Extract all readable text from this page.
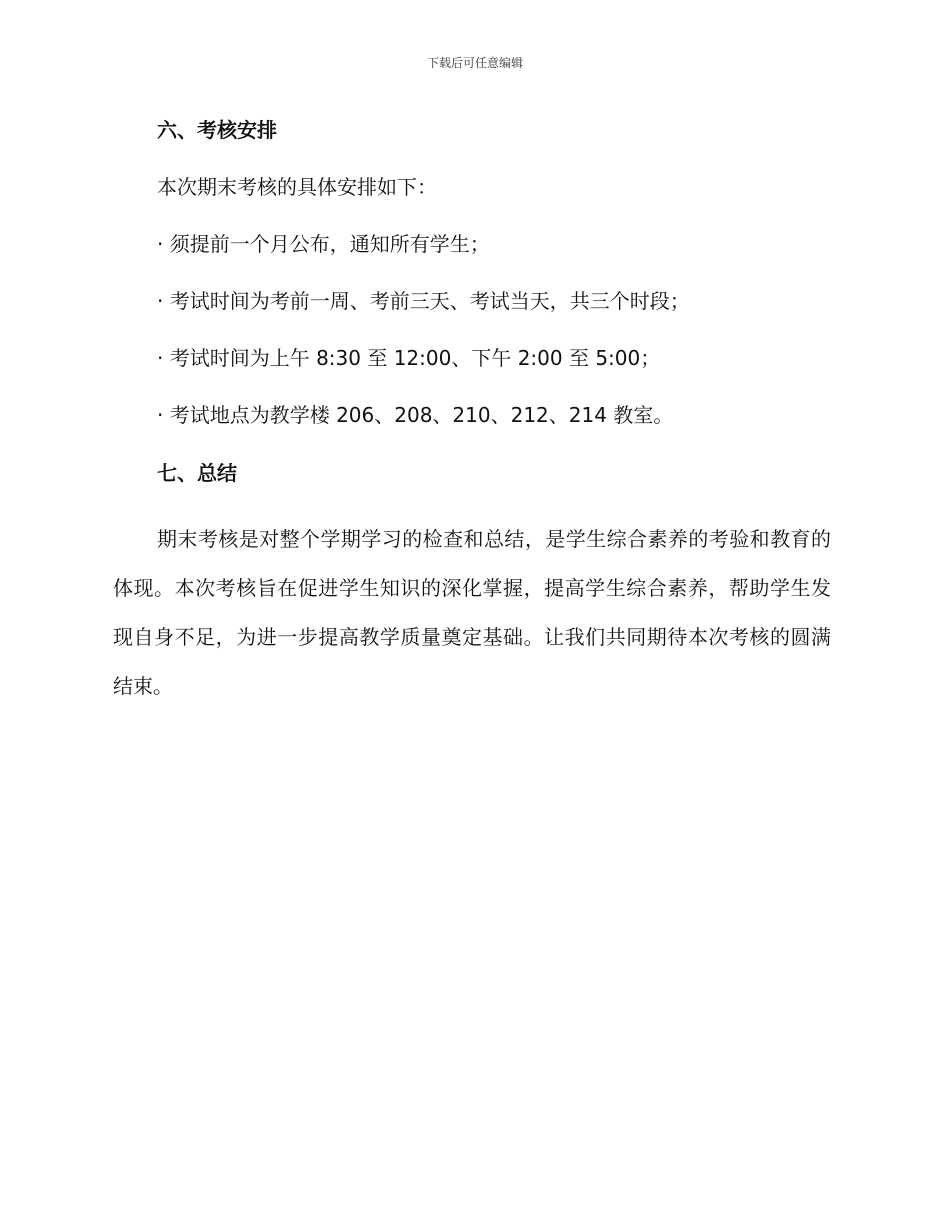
下载后可任意编辑
六、考核安排
本次期末考核的具体安排如下：
· 须提前一个月公布，通知所有学生；
· 考试时间为考前一周、考前三天、考试当天，共三个时段；
· 考试时间为上午 8:30 至 12:00、下午 2:00 至 5:00；
· 考试地点为教学楼 206、208、210、212、214 教室。
七、总结
期末考核是对整个学期学习的检查和总结，是学生综合素养的考验和教育的体现。本次考核旨在促进学生知识的深化掌握，提高学生综合素养，帮助学生发现自身不足，为进一步提高教学质量奠定基础。让我们共同期待本次考核的圆满结束。
